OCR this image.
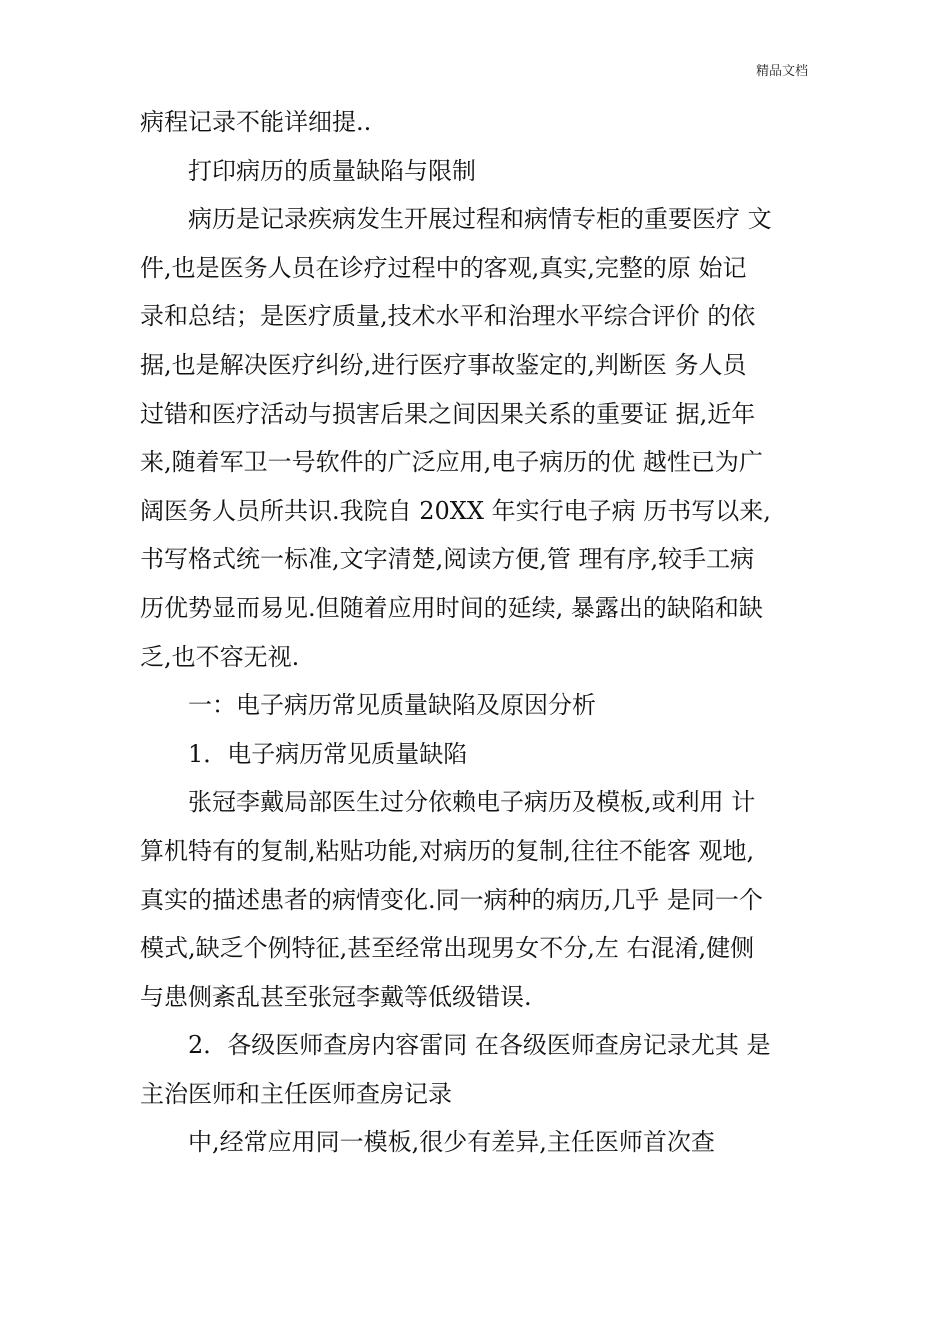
精品文档
病程记录不能详细提..
打印病历的质量缺陷与限制
病历是记录疾病发生开展过程和病情专柜的重要医疗 文
件,也是医务人员在诊疗过程中的客观,真实,完整的原 始记
录和总结；是医疗质量,技术水平和治理水平综合评价 的依
据,也是解决医疗纠纷,进行医疗事故鉴定的,判断医 务人员
过错和医疗活动与损害后果之间因果关系的重要证 据,近年
来,随着军卫一号软件的广泛应用,电子病历的优 越性已为广
阔医务人员所共识.我院自 20XX 年实行电子病 历书写以来,
书写格式统一标准,文字清楚,阅读方便,管 理有序,较手工病
历优势显而易见.但随着应用时间的延续, 暴露出的缺陷和缺
乏,也不容无视.
一：电子病历常见质量缺陷及原因分析
1．电子病历常见质量缺陷
张冠李戴局部医生过分依赖电子病历及模板,或利用 计
算机特有的复制,粘贴功能,对病历的复制,往往不能客 观地,
真实的描述患者的病情变化.同一病种的病历,几乎 是同一个
模式,缺乏个例特征,甚至经常出现男女不分,左 右混淆,健侧
与患侧紊乱甚至张冠李戴等低级错误.
2．各级医师查房内容雷同 在各级医师查房记录尤其 是
主治医师和主任医师查房记录
中,经常应用同一模板,很少有差异,主任医师首次查
